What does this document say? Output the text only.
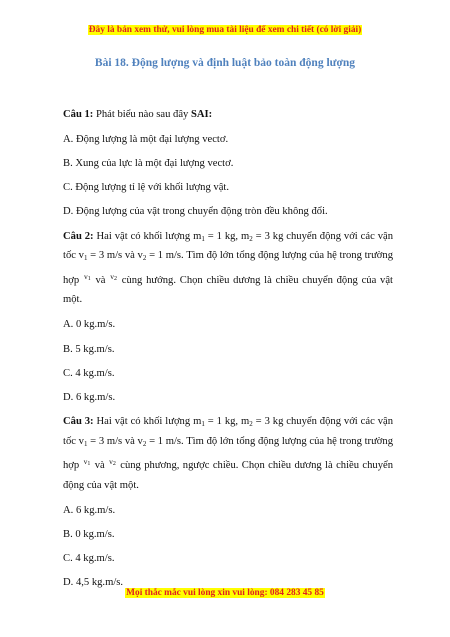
Đây là bản xem thử, vui lòng mua tài liệu để xem chi tiết (có lời giải)
Bài 18. Động lượng và định luật bảo toàn động lượng
Câu 1: Phát biểu nào sau đây SAI:
A. Động lượng là một đại lượng vectơ.
B. Xung của lực là một đại lượng vectơ.
C. Động lượng tỉ lệ với khối lượng vật.
D. Động lượng của vật trong chuyển động tròn đều không đổi.
Câu 2: Hai vật có khối lượng $m_1 = 1$ kg, $m_2 = 3$ kg chuyển động với các vận
tốc $v_1 = 3$ m/s và $v_2 = 1$ m/s. Tìm độ lớn tổng động lượng của hệ trong trường
hợp $v_1$ và $v_2$ cùng hướng. Chọn chiều dương là chiều chuyển động của vật
một.
A. 0 kg.m/s.
B. 5 kg.m/s.
C. 4 kg.m/s.
D. 6 kg.m/s.
Câu 3: Hai vật có khối lượng $m_1 = 1$ kg, $m_2 = 3$ kg chuyển động với các vận
tốc $v_1 = 3$ m/s và $v_2 = 1$ m/s. Tìm độ lớn tổng động lượng của hệ trong trường
hợp $v_1$ và $v_2$ cùng phương, ngược chiều. Chọn chiều dương là chiều chuyển
động của vật một.
A. 6 kg.m/s.
B. 0 kg.m/s.
C. 4 kg.m/s.
D. 4,5 kg.m/s.
Mọi thắc mắc vui lòng xin vui lòng: 084 283 45 85
